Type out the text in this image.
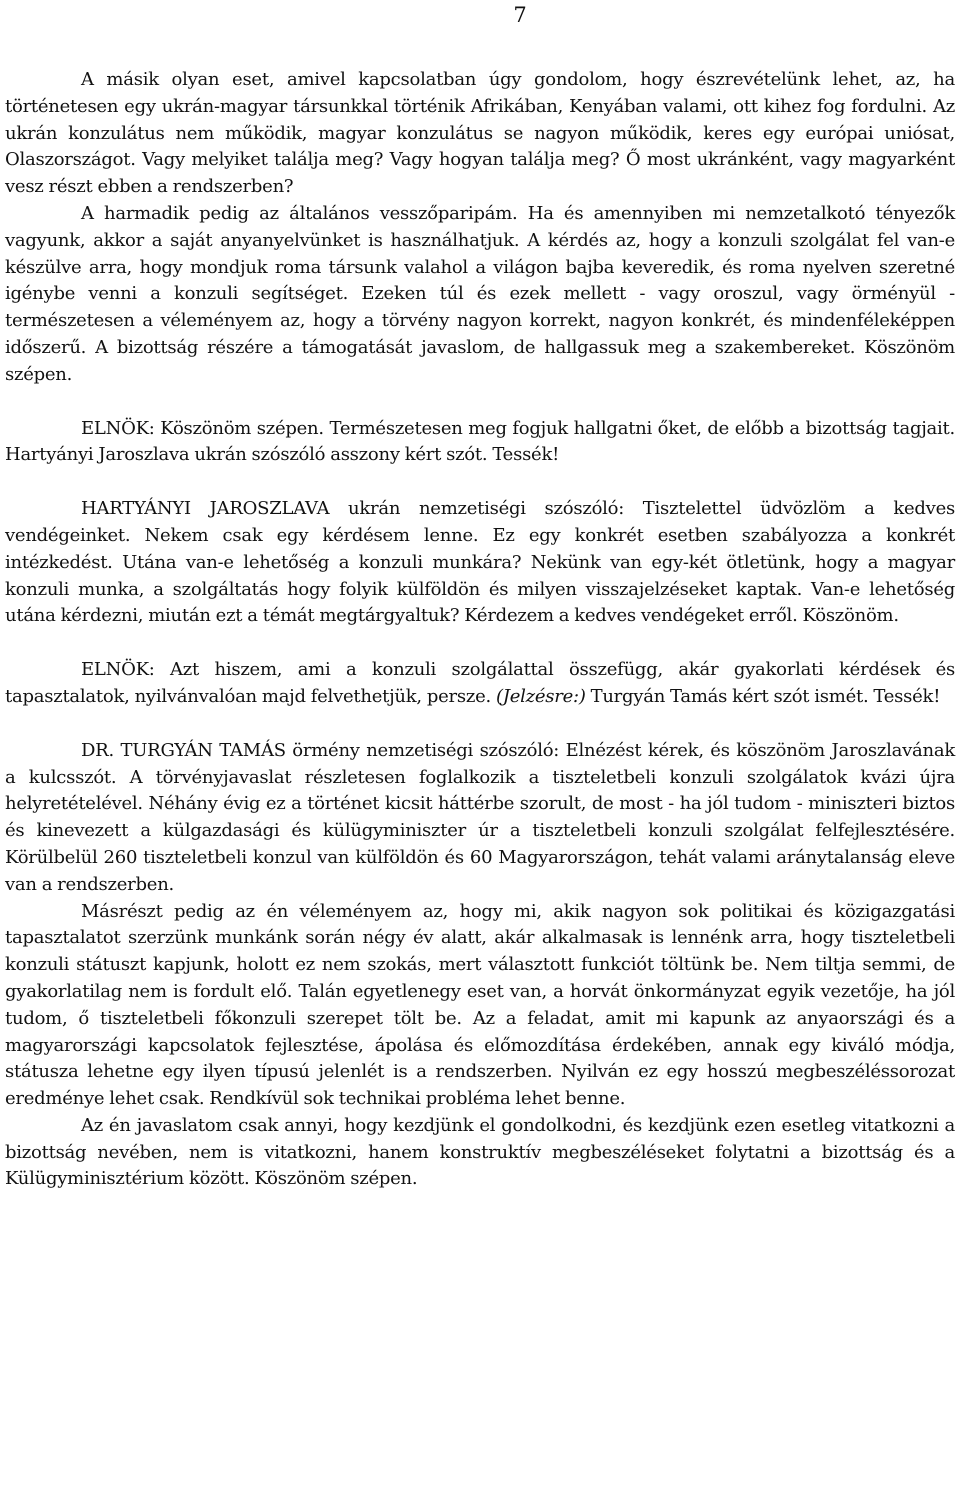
7

A másik olyan eset, amivel kapcsolatban úgy gondolom, hogy észrevételünk lehet, az, ha történetesen egy ukrán-magyar társunkkal történik Afrikában, Kenyában valami, ott kihez fog fordulni. Az ukrán konzulátus nem működik, magyar konzulátus se nagyon működik, keres egy európai uniósat, Olaszországot. Vagy melyiket találja meg? Vagy hogyan találja meg? Ő most ukránként, vagy magyarként vesz részt ebben a rendszerben?

A harmadik pedig az általános vesszőparipám. Ha és amennyiben mi nemzetalkotó tényezők vagyunk, akkor a saját anyanyelvünket is használhatjuk. A kérdés az, hogy a konzuli szolgálat fel van-e készülve arra, hogy mondjuk roma társunk valahol a világon bajba keveredik, és roma nyelven szeretné igénybe venni a konzuli segítséget. Ezeken túl és ezek mellett - vagy oroszul, vagy örményül - természetesen a véleményem az, hogy a törvény nagyon korrekt, nagyon konkrét, és mindenféleképpen időszerű. A bizottság részére a támogatását javaslom, de hallgassuk meg a szakembereket. Köszönöm szépen.

ELNÖK: Köszönöm szépen. Természetesen meg fogjuk hallgatni őket, de előbb a bizottság tagjait. Hartyányi Jaroszlava ukrán szószóló asszony kért szót. Tessék!

HARTYÁNYI JAROSZLAVA ukrán nemzetiségi szószóló: Tisztelettel üdvözlöm a kedves vendégeinket. Nekem csak egy kérdésem lenne. Ez egy konkrét esetben szabályozza a konkrét intézkedést. Utána van-e lehetőség a konzuli munkára? Nekünk van egy-két ötletünk, hogy a magyar konzuli munka, a szolgáltatás hogy folyik külföldön és milyen visszajelzéseket kaptak. Van-e lehetőség utána kérdezni, miután ezt a témát megtárgyaltuk? Kérdezem a kedves vendégeket erről. Köszönöm.

ELNÖK: Azt hiszem, ami a konzuli szolgálattal összefügg, akár gyakorlati kérdések és tapasztalatok, nyilvánvalóan majd felvethetjük, persze. (Jelzésre:) Turgyán Tamás kért szót ismét. Tessék!

DR. TURGYÁN TAMÁS örmény nemzetiségi szószóló: Elnézést kérek, és köszönöm Jaroszlavának a kulcsszót. A törvényjavaslat részletesen foglalkozik a tiszteletbeli konzuli szolgálatok kvázi újra helyretételével. Néhány évig ez a történet kicsit háttérbe szorult, de most - ha jól tudom - miniszteri biztos és kinevezett a külgazdasági és külügyminiszter úr a tiszteletbeli konzuli szolgálat felfejlesztésére. Körülbelül 260 tiszteletbeli konzul van külföldön és 60 Magyarországon, tehát valami aránytalanság eleve van a rendszerben.

Másrészt pedig az én véleményem az, hogy mi, akik nagyon sok politikai és közigazgatási tapasztalatot szerzünk munkánk során négy év alatt, akár alkalmasak is lennénk arra, hogy tiszteletbeli konzuli státuszt kapjunk, holott ez nem szokás, mert választott funkciót töltünk be. Nem tiltja semmi, de gyakorlatilag nem is fordult elő. Talán egyetlenegy eset van, a horvát önkormányzat egyik vezetője, ha jól tudom, ő tiszteletbeli főkonzuli szerepet tölt be. Az a feladat, amit mi kapunk az anyaországi és a magyarországi kapcsolatok fejlesztése, ápolása és előmozdítása érdekében, annak egy kiváló módja, státusza lehetne egy ilyen típusú jelenlét is a rendszerben. Nyilván ez egy hosszú megbeszéléssorozat eredménye lehet csak. Rendkívül sok technikai probléma lehet benne.

Az én javaslatom csak annyi, hogy kezdjünk el gondolkodni, és kezdjünk ezen esetleg vitatkozni a bizottság nevében, nem is vitatkozni, hanem konstruktív megbeszéléseket folytatni a bizottság és a Külügyminisztérium között. Köszönöm szépen.
